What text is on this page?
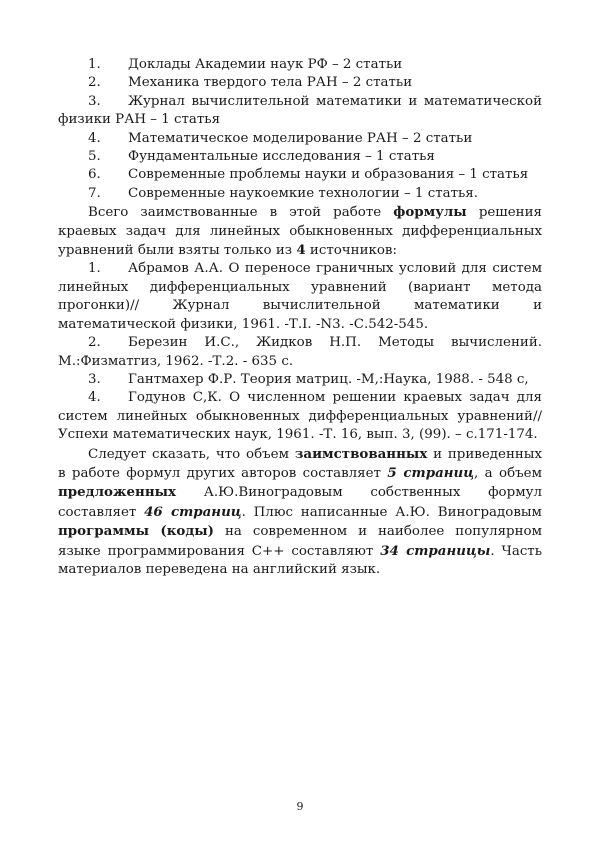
1.	Доклады Академии наук РФ – 2 статьи
2.	Механика твердого тела РАН – 2 статьи

3. Журнал вычислительной математики и математической физики РАН – 1 статья

4.	Математическое моделирование РАН – 2 статьи
5.	Фундаментальные исследования – 1 статья
6.	Современные проблемы науки и образования – 1 статья
7.	Современные наукоемкие технологии – 1 статья.

Всего заимствованные в этой работе формулы решения краевых задач для линейных обыкновенных дифференциальных уравнений были взяты только из 4 источников:

1. Абрамов А.А. О переносе граничных условий для систем линейных дифференциальных уравнений (вариант метода прогонки)// Журнал вычислительной математики и математической физики, 1961. -Т.I. -N3. -С.542-545.

2. Березин И.С., Жидков Н.П. Методы вычислений. М.:Физматгиз, 1962. -Т.2. - 635 с.

3. Гантмахер Ф.Р. Теория матриц. -М,:Наука, 1988. - 548 с,

4. Годунов С,К. О численном решении краевых задач для систем линейных обыкновенных дифференциальных уравнений// Успехи математических наук, 1961. -Т. 16, вып. 3, (99). – с.171-174.

Следует сказать, что объем заимствованных и приведенных в работе формул других авторов составляет 5 страниц, а объем предложенных А.Ю.Виноградовым собственных формул составляет 46 страниц. Плюс написанные А.Ю. Виноградовым программы (коды) на современном и наиболее популярном языке программирования С++ составляют 34 страницы. Часть материалов переведена на английский язык.

9
